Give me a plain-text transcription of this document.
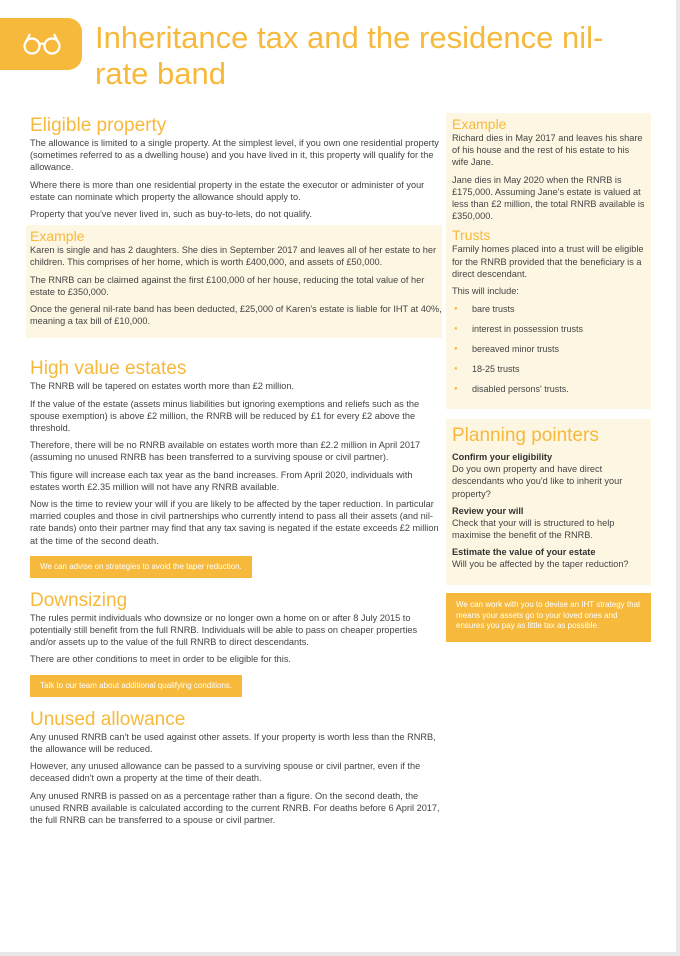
Inheritance tax and the residence nil-rate band
Eligible property

The allowance is limited to a single property. At the simplest level, if you own one residential property (sometimes referred to as a dwelling house) and you have lived in it, this property will qualify for the allowance.

Where there is more than one residential property in the estate the executor or administer of your estate can nominate which property the allowance should apply to.

Property that you've never lived in, such as buy-to-lets, do not qualify.

Example

Karen is single and has 2 daughters. She dies in September 2017 and leaves all of her estate to her children. This comprises of her home, which is worth £400,000, and assets of £50,000.

The RNRB can be claimed against the first £100,000 of her house, reducing the total value of her estate to £350,000.

Once the general nil-rate band has been deducted, £25,000 of Karen's estate is liable for IHT at 40%, meaning a tax bill of £10,000.

High value estates

The RNRB will be tapered on estates worth more than £2 million.

If the value of the estate (assets minus liabilities but ignoring exemptions and reliefs such as the spouse exemption) is above £2 million, the RNRB will be reduced by £1 for every £2 above the threshold.

Therefore, there will be no RNRB available on estates worth more than £2.2 million in April 2017 (assuming no unused RNRB has been transferred to a surviving spouse or civil partner).

This figure will increase each tax year as the band increases. From April 2020, individuals with estates worth £2.35 million will not have any RNRB available.

Now is the time to review your will if you are likely to be affected by the taper reduction. In particular married couples and those in civil partnerships who currently intend to pass all their assets (and nil-rate bands) onto their partner may find that any tax saving is negated if the estate exceeds £2 million at the time of the second death.

We can advise on strategies to avoid the taper reduction.
Downsizing

The rules permit individuals who downsize or no longer own a home on or after 8 July 2015 to potentially still benefit from the full RNRB. Individuals will be able to pass on cheaper properties and/or assets up to the value of the full RNRB to direct descendants.

There are other conditions to meet in order to be eligible for this.

Talk to our team about additional qualifying conditions.
Unused allowance

Any unused RNRB can't be used against other assets. If your property is worth less than the RNRB, the allowance will be reduced.

However, any unused allowance can be passed to a surviving spouse or civil partner, even if the deceased didn't own a property at the time of their death.

Any unused RNRB is passed on as a percentage rather than a figure. On the second death, the unused RNRB available is calculated according to the current RNRB. For deaths before 6 April 2017, the full RNRB can be transferred to a spouse or civil partner.

Example

Richard dies in May 2017 and leaves his share of his house and the rest of his estate to his wife Jane.

Jane dies in May 2020 when the RNRB is £175,000. Assuming Jane's estate is valued at less than £2 million, the total RNRB available is £350,000.

Trusts

Family homes placed into a trust will be eligible for the RNRB provided that the beneficiary is a direct descendant.

This will include:

● bare trusts
● interest in possession trusts
● bereaved minor trusts
● 18-25 trusts
● disabled persons' trusts.
Planning pointers
Confirm your eligibility

Do you own property and have direct descendants who you'd like to inherit your property?

Review your will

Check that your will is structured to help maximise the benefit of the RNRB.

Estimate the value of your estate

Will you be affected by the taper reduction?

We can work with you to devise an IHT strategy that means your assets go to your loved ones and ensures you pay as little tax as possible.
